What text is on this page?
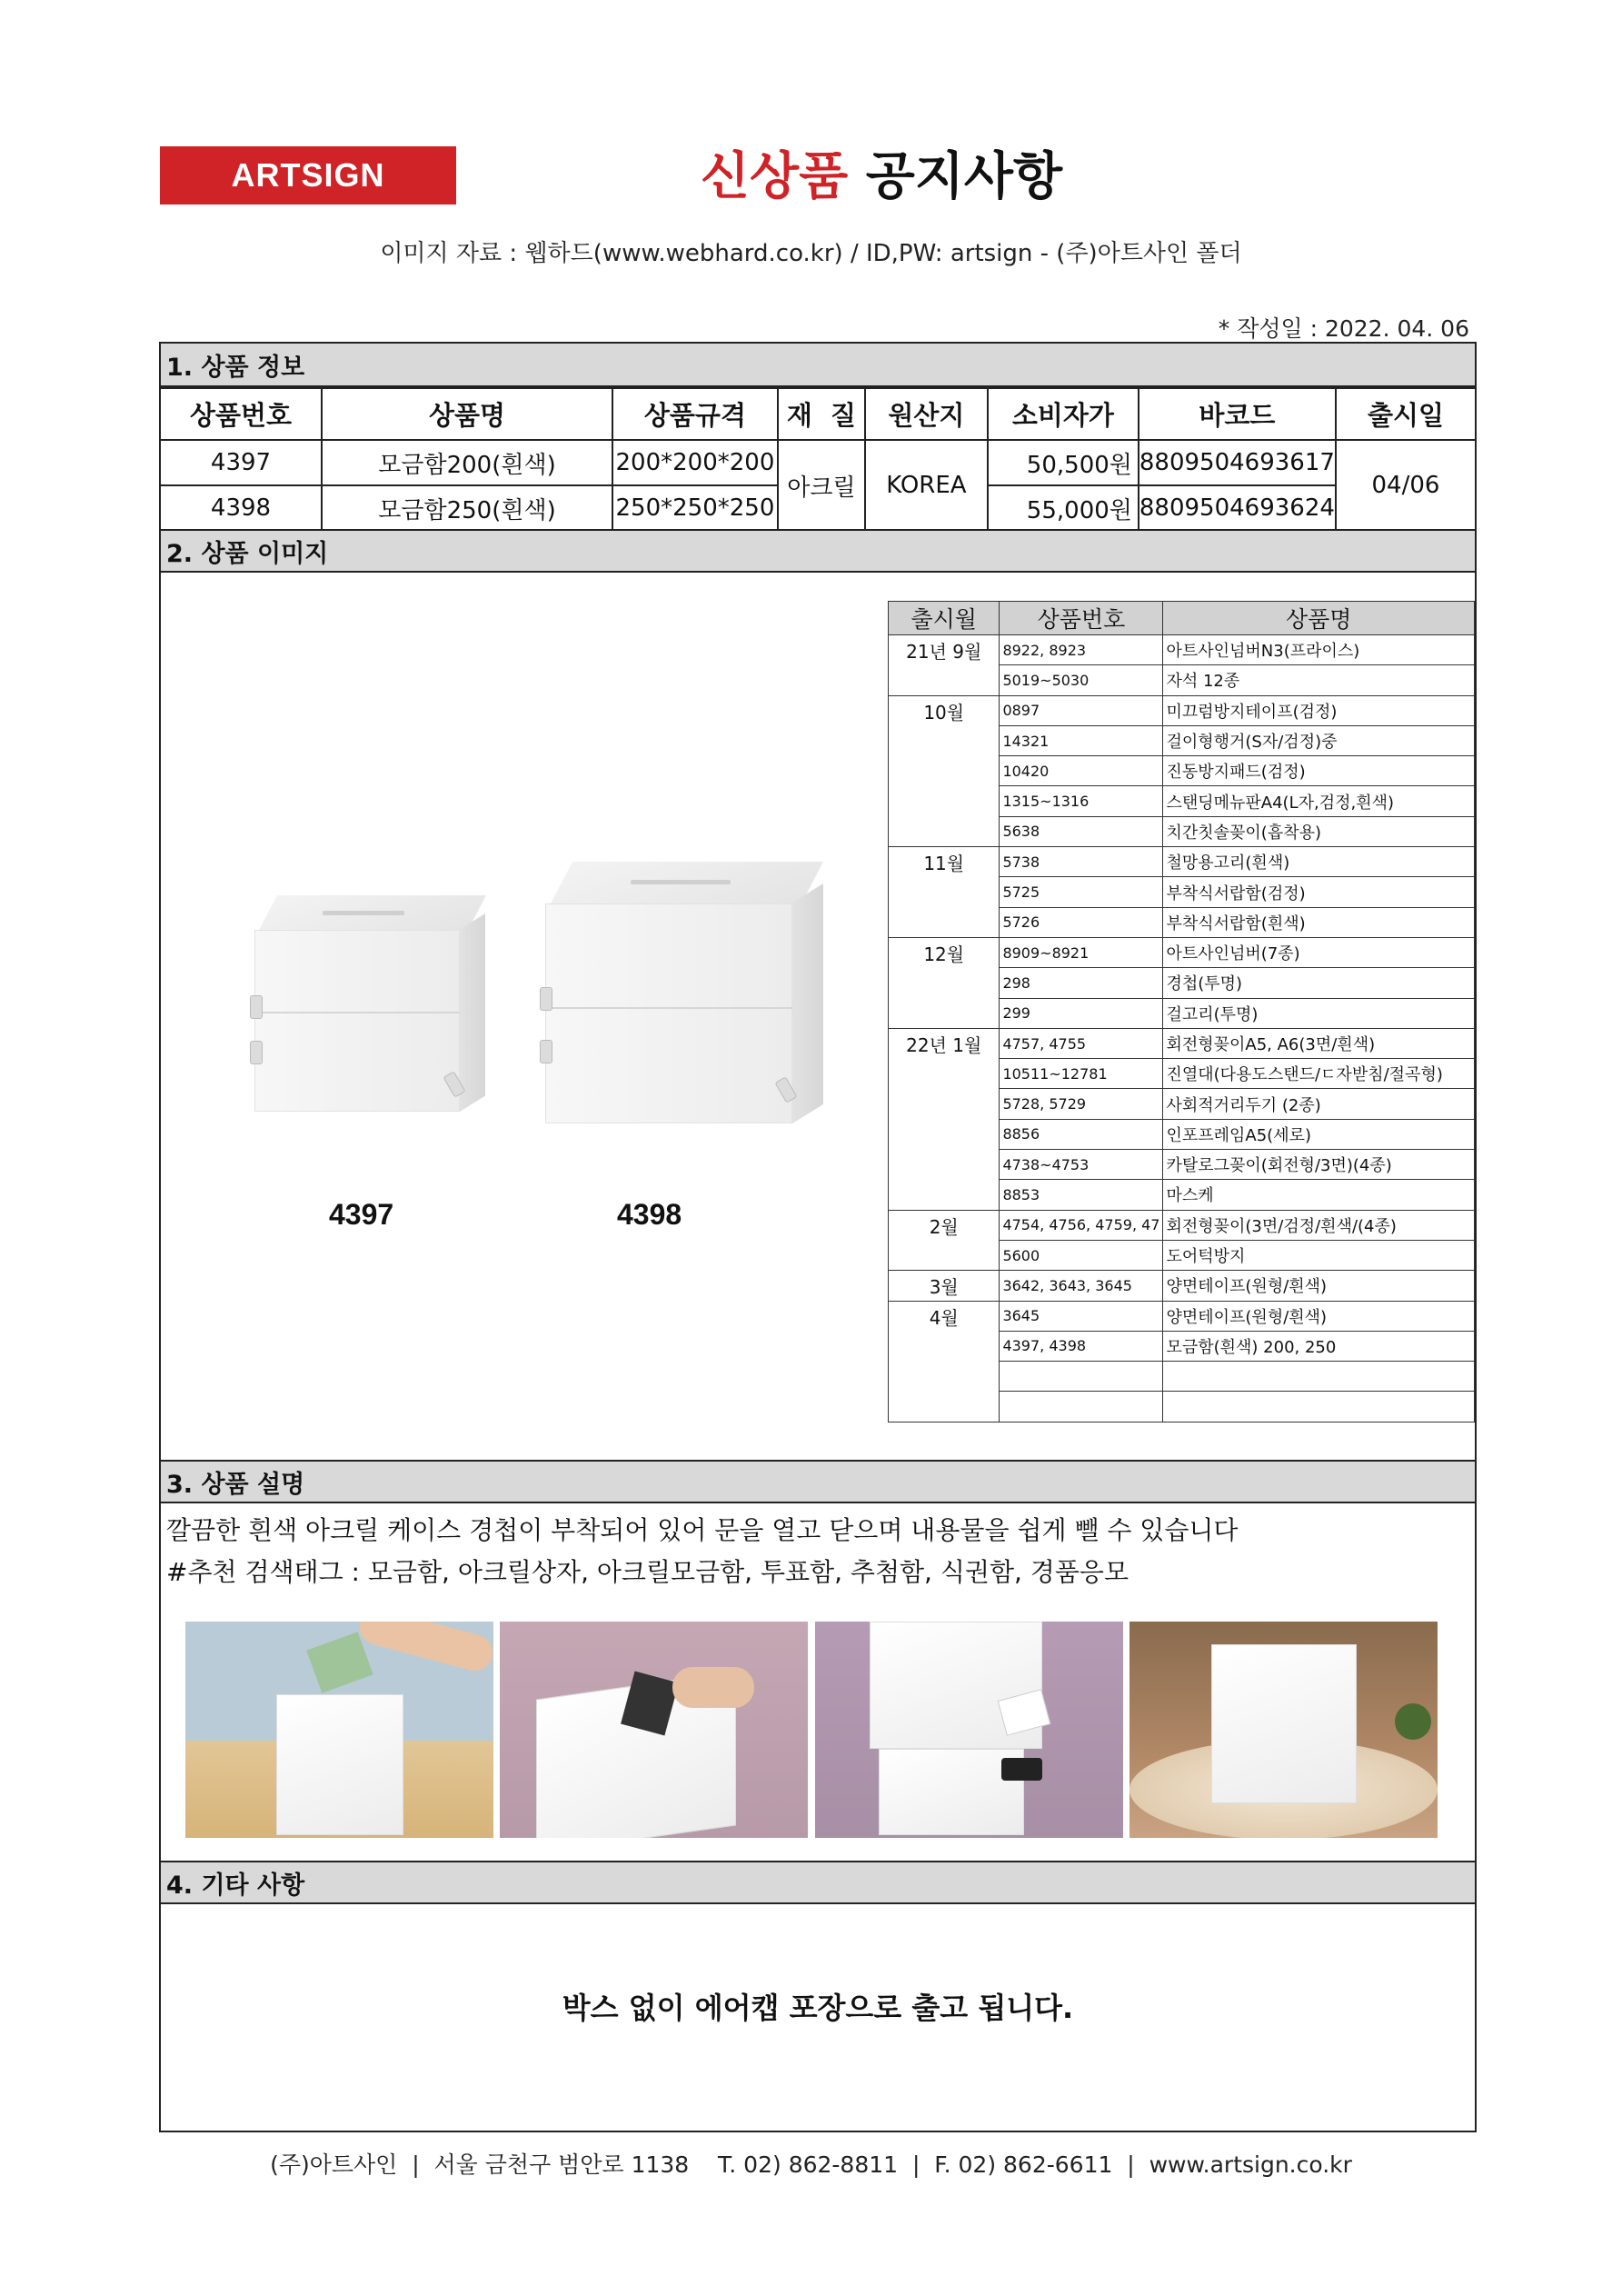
ARTSIGN	신상품 공지사항
이미지 자료 : 웹하드(www.webhard.co.kr) / ID,PW: artsign - (주)아트사인 폴더
* 작성일 : 2022. 04. 06
1. 상품 정보
상품번호	상품명	상품규격	재  질	원산지	소비자가	바코드	출시일
4397	모금함200(흰색)	200*200*200	아크릴	KOREA	50,500원	8809504693617	04/06
4398	모금함250(흰색)	250*250*250			55,000원	8809504693624	
2. 상품 이미지
4397	4398
출시월	상품번호	상품명
21년 9월	8922, 8923	아트사인넘버N3(프라이스)
	5019~5030	자석 12종
10월	0897	미끄럼방지테이프(검정)
	14321	걸이형행거(S자/검정)중
	10420	진동방지패드(검정)
	1315~1316	스탠딩메뉴판A4(L자,검정,흰색)
	5638	치간칫솔꽂이(흡착용)
11월	5738	철망용고리(흰색)
	5725	부착식서랍함(검정)
	5726	부착식서랍함(흰색)
12월	8909~8921	아트사인넘버(7종)
	298	경첩(투명)
	299	걸고리(투명)
22년 1월	4757, 4755	회전형꽂이A5, A6(3면/흰색)
	10511~12781	진열대(다용도스탠드/ㄷ자받침/절곡형)
	5728, 5729	사회적거리두기 (2종)
	8856	인포프레임A5(세로)
	4738~4753	카탈로그꽂이(회전형/3면)(4종)
	8853	마스케
2월	4754, 4756, 4759, 47	회전형꽂이(3면/검정/흰색/(4종)
	5600	도어턱방지
3월	3642, 3643, 3645	양면테이프(원형/흰색)
4월	3645	양면테이프(원형/흰색)
	4397, 4398	모금함(흰색) 200, 250

3. 상품 설명
깔끔한 흰색 아크릴 케이스 경첩이 부착되어 있어 문을 열고 닫으며 내용물을 쉽게 뺄 수 있습니다
#추천 검색태그 : 모금함, 아크릴상자, 아크릴모금함, 투표함, 추첨함, 식권함, 경품응모
4. 기타 사항
박스 없이 에어캡 포장으로 출고 됩니다.
(주)아트사인  |  서울 금천구 범안로 1138    T. 02) 862-8811  |  F. 02) 862-6611  |  www.artsign.co.kr
